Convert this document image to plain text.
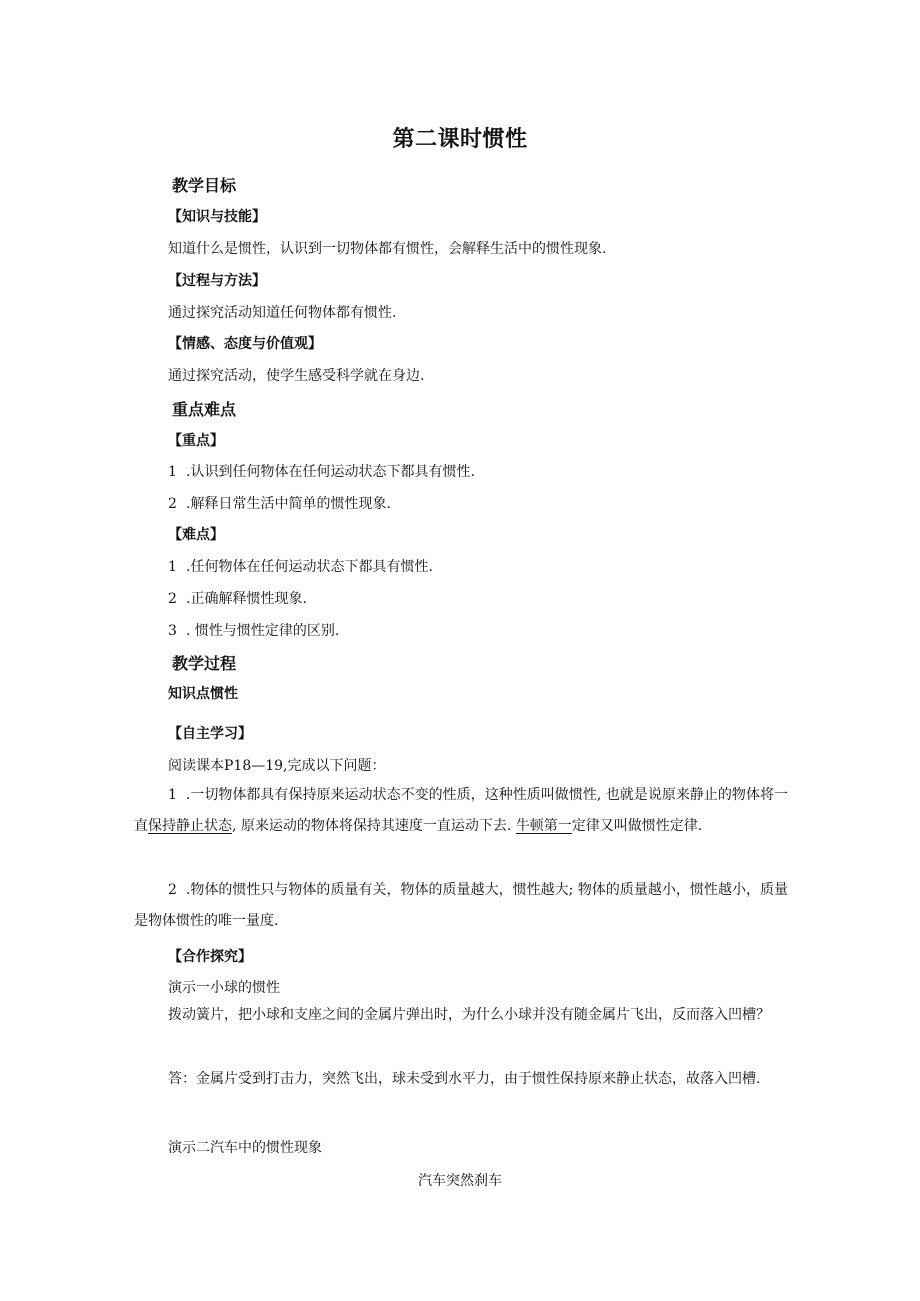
第二课时惯性
教学目标
【知识与技能】
知道什么是惯性，认识到一切物体都有惯性，会解释生活中的惯性现象.
【过程与方法】
通过探究活动知道任何物体都有惯性.
【情感、态度与价值观】
通过探究活动，使学生感受科学就在身边.
重点难点
【重点】
1 .认识到任何物体在任何运动状态下都具有惯性.
2 .解释日常生活中简单的惯性现象.
【难点】
1 .任何物体在任何运动状态下都具有惯性.
2 .正确解释惯性现象.
3 . 惯性与惯性定律的区别.
教学过程
知识点惯性
【自主学习】
阅读课本P18—19,完成以下问题：
1 .一切物体都具有保持原来运动状态不变的性质，这种性质叫做惯性, 也就是说原来静止的物体将一直保持静止状态, 原来运动的物体将保持其速度一直运动下去. 牛顿第一定律又叫做惯性定律.
2 .物体的惯性只与物体的质量有关，物体的质量越大，惯性越大; 物体的质量越小，惯性越小，质量是物体惯性的唯一量度.
【合作探究】
演示一小球的惯性
拨动簧片，把小球和支座之间的金属片弹出时，为什么小球并没有随金属片飞出，反而落入凹槽？
答：金属片受到打击力，突然飞出，球未受到水平力，由于惯性保持原来静止状态，故落入凹槽.
演示二汽车中的惯性现象
汽车突然刹车
